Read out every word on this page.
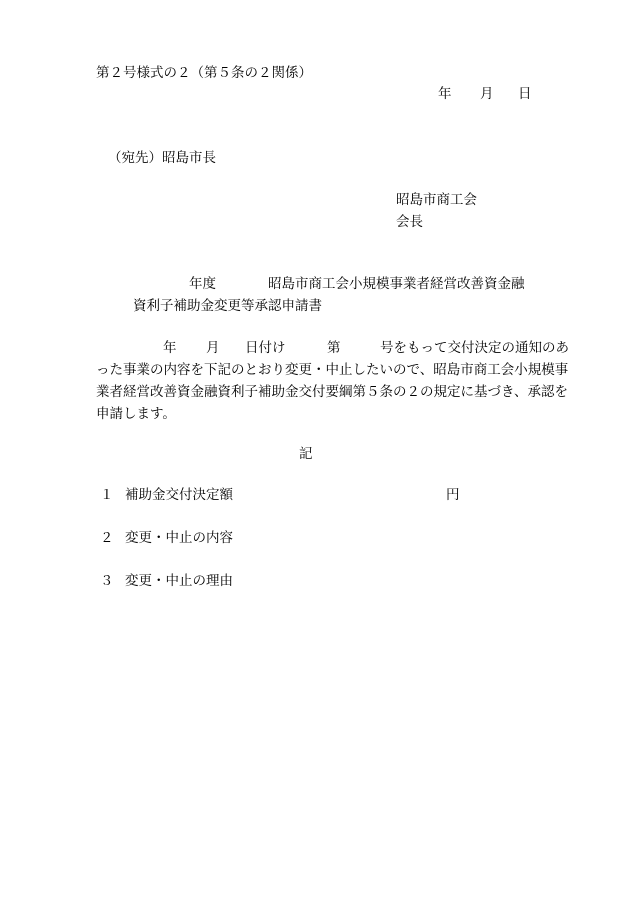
第２号様式の２（第５条の２関係）
年 月 日
（宛先）昭島市長
昭島市商工会
会長
年度	昭島市商工会小規模事業者経営改善資金融
資利子補助金変更等承認申請書
年 月 日付け	第	号をもって交付決定の通知のあ
った事業の内容を下記のとおり変更・中止したいので、昭島市商工会小規模事
業者経営改善資金融資利子補助金交付要綱第５条の２の規定に基づき、承認を
申請します。
記
１ 補助金交付決定額	円
２ 変更・中止の内容
３ 変更・中止の理由
